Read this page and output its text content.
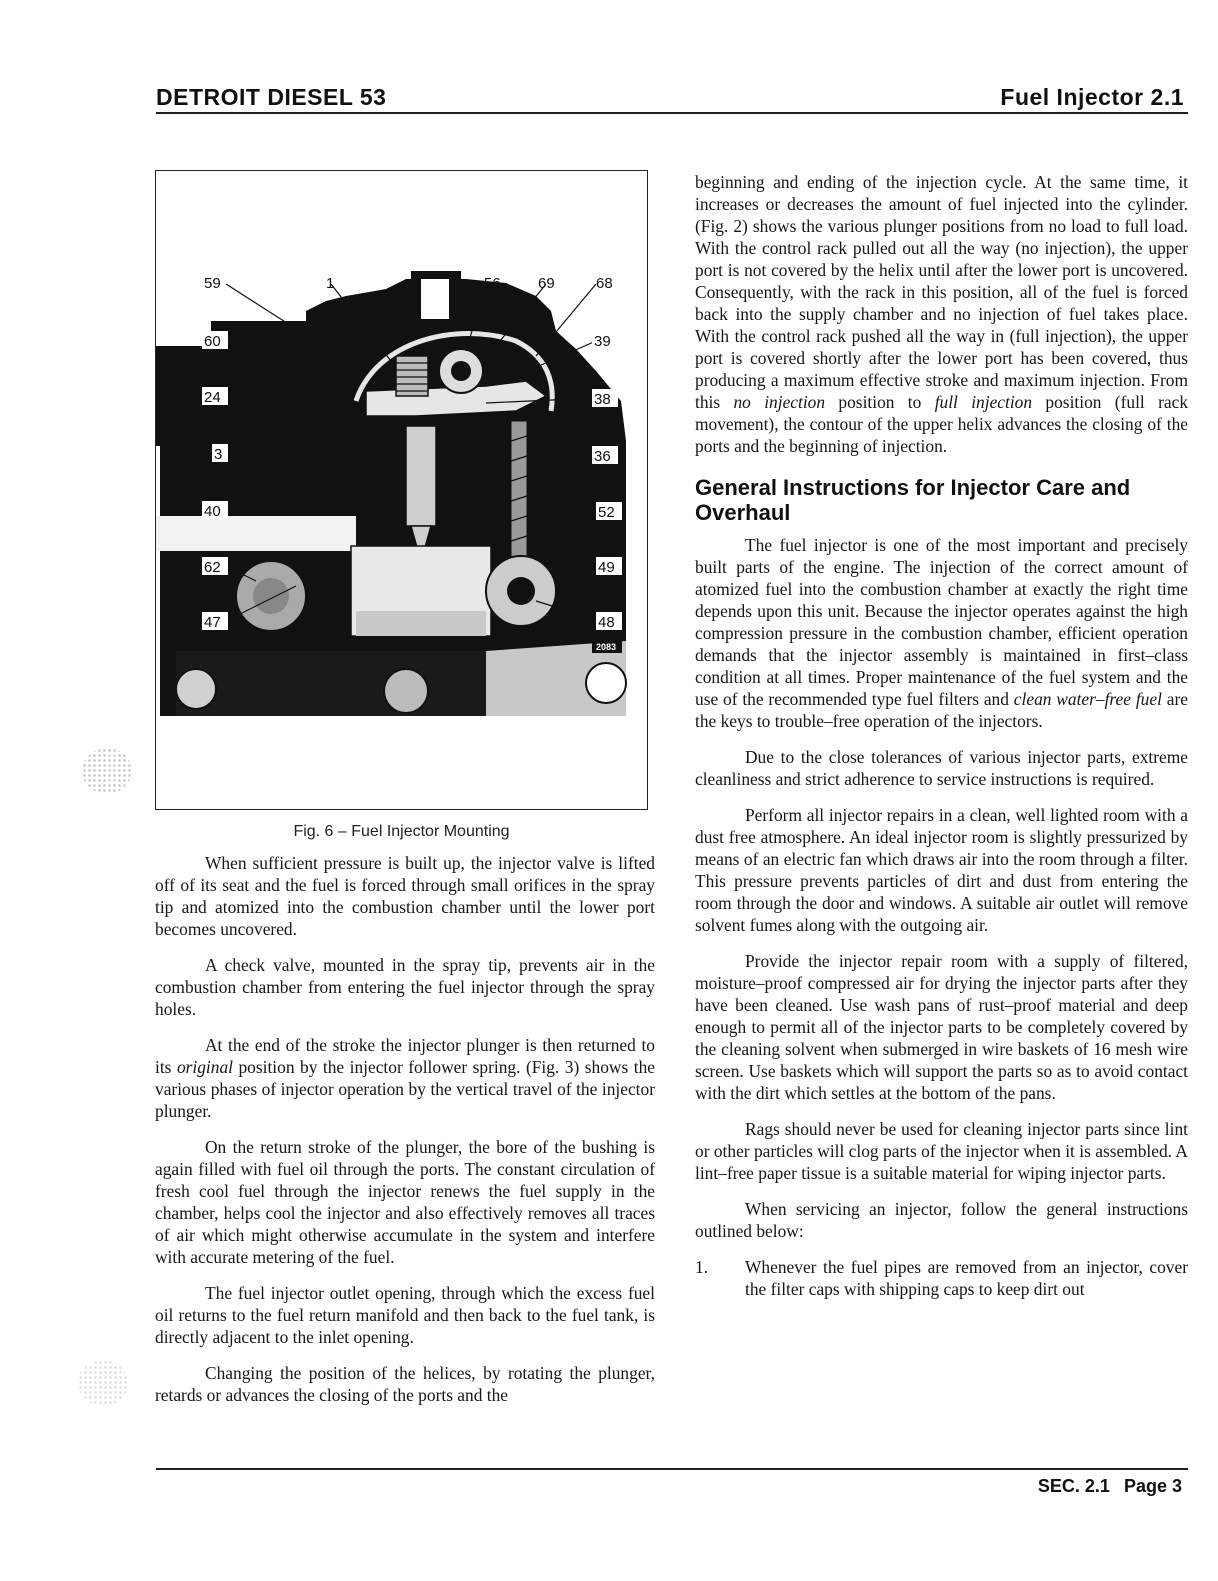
DETROIT DIESEL 53	Fuel Injector 2.1
59	1	56 69	68
60	39
24	38
3	36
40	52
62	49
47	48
2083
Fig. 6 – Fuel Injector Mounting

When sufficient pressure is built up, the injector valve is lifted off of its seat and the fuel is forced through small orifices in the spray tip and atomized into the combustion chamber until the lower port becomes uncovered.

A check valve, mounted in the spray tip, prevents air in the combustion chamber from entering the fuel injector through the spray holes.

At the end of the stroke the injector plunger is then returned to its original position by the injector follower spring. (Fig. 3) shows the various phases of injector operation by the vertical travel of the injector plunger.

On the return stroke of the plunger, the bore of the bushing is again filled with fuel oil through the ports. The constant circulation of fresh cool fuel through the injector renews the fuel supply in the chamber, helps cool the injector and also effectively removes all traces of air which might otherwise accumulate in the system and interfere with accurate metering of the fuel.

The fuel injector outlet opening, through which the excess fuel oil returns to the fuel return manifold and then back to the fuel tank, is directly adjacent to the inlet opening.

Changing the position of the helices, by rotating the plunger, retards or advances the closing of the ports and the

beginning and ending of the injection cycle. At the same time, it increases or decreases the amount of fuel injected into the cylinder. (Fig. 2) shows the various plunger positions from no load to full load. With the control rack pulled out all the way (no injection), the upper port is not covered by the helix until after the lower port is uncovered. Consequently, with the rack in this position, all of the fuel is forced back into the supply chamber and no injection of fuel takes place. With the control rack pushed all the way in (full injection), the upper port is covered shortly after the lower port has been covered, thus producing a maximum effective stroke and maximum injection. From this no injection position to full injection position (full rack movement), the contour of the upper helix advances the closing of the ports and the beginning of injection.

General Instructions for Injector Care and Overhaul

The fuel injector is one of the most important and precisely built parts of the engine. The injection of the correct amount of atomized fuel into the combustion chamber at exactly the right time depends upon this unit. Because the injector operates against the high compression pressure in the combustion chamber, efficient operation demands that the injector assembly is maintained in first–class condition at all times. Proper maintenance of the fuel system and the use of the recommended type fuel filters and clean water–free fuel are the keys to trouble–free operation of the injectors.

Due to the close tolerances of various injector parts, extreme cleanliness and strict adherence to service instructions is required.

Perform all injector repairs in a clean, well lighted room with a dust free atmosphere. An ideal injector room is slightly pressurized by means of an electric fan which draws air into the room through a filter. This pressure prevents particles of dirt and dust from entering the room through the door and windows. A suitable air outlet will remove solvent fumes along with the outgoing air.

Provide the injector repair room with a supply of filtered, moisture–proof compressed air for drying the injector parts after they have been cleaned. Use wash pans of rust–proof material and deep enough to permit all of the injector parts to be completely covered by the cleaning solvent when submerged in wire baskets of 16 mesh wire screen. Use baskets which will support the parts so as to avoid contact with the dirt which settles at the bottom of the pans.

Rags should never be used for cleaning injector parts since lint or other particles will clog parts of the injector when it is assembled. A lint–free paper tissue is a suitable material for wiping injector parts.

When servicing an injector, follow the general instructions outlined below:

1.	Whenever the fuel pipes are removed from an injector, cover the filter caps with shipping caps to keep dirt out
SEC. 2.1 Page 3
